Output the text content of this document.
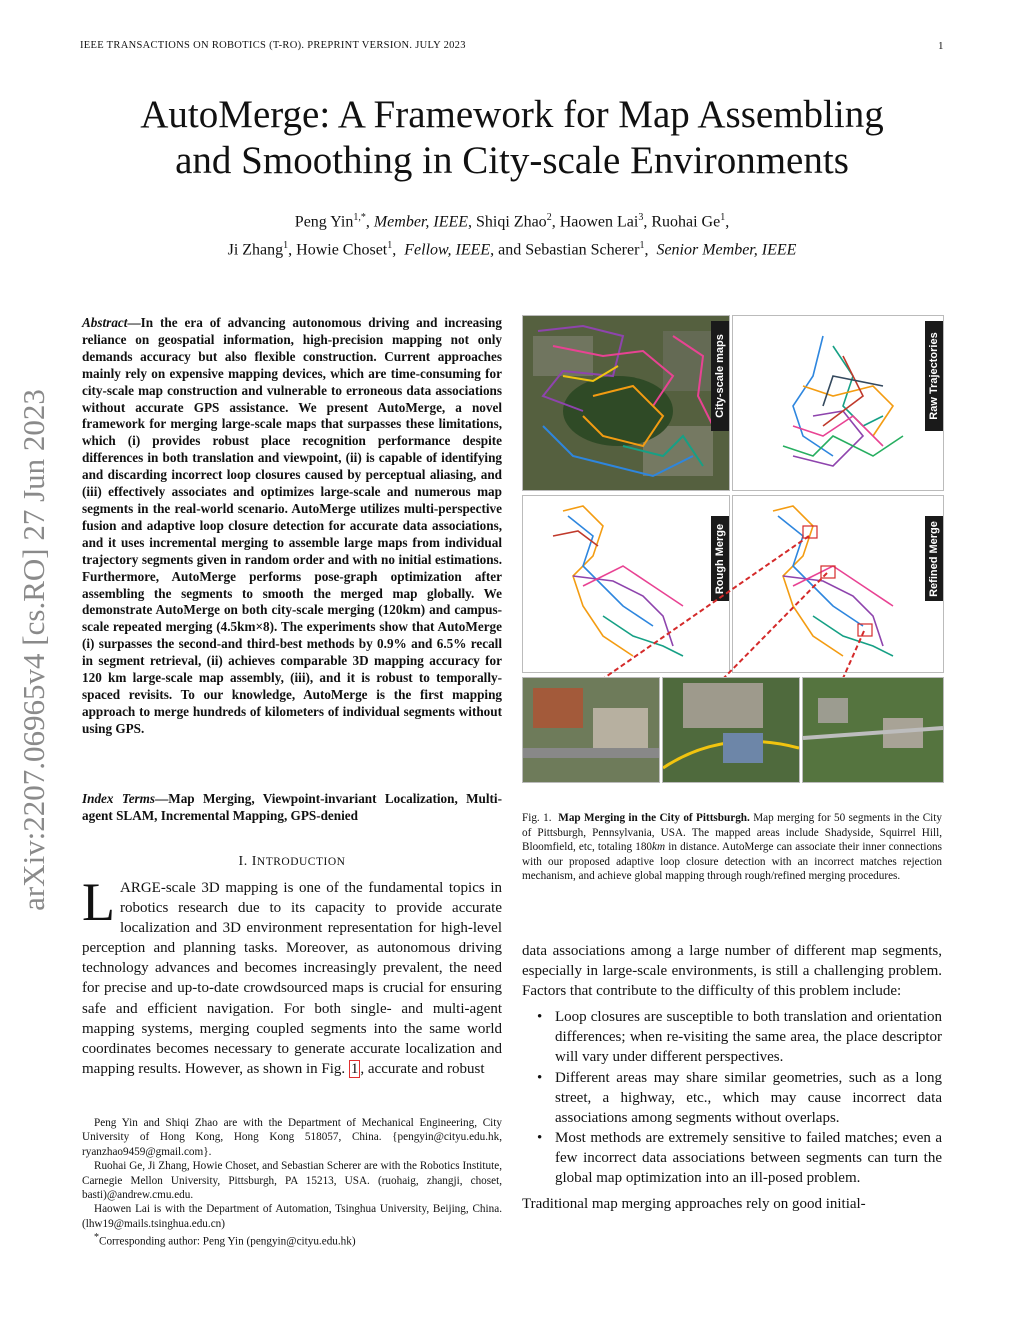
IEEE TRANSACTIONS ON ROBOTICS (T-RO). PREPRINT VERSION. JULY 2023	1
AutoMerge: A Framework for Map Assembling
and Smoothing in City-scale Environments
Peng Yin$^{1,*}$, Member, IEEE, Shiqi Zhao$^2$, Haowen Lai$^3$, Ruohai Ge$^1$,
Ji Zhang$^1$, Howie Choset$^1$,  Fellow, IEEE, and Sebastian Scherer$^1$,  Senior Member, IEEE
arXiv:2207.06965v4 [cs.RO] 27 Jun 2023
Abstract—In the era of advancing autonomous driving and increasing reliance on geospatial information, high-precision mapping not only demands accuracy but also flexible construction. Current approaches mainly rely on expensive mapping devices, which are time-consuming for city-scale map construction and vulnerable to erroneous data associations without accurate GPS assistance. We present AutoMerge, a novel framework for merging large-scale maps that surpasses these limitations, which (i) provides robust place recognition performance despite differences in both translation and viewpoint, (ii) is capable of identifying and discarding incorrect loop closures caused by perceptual aliasing, and (iii) effectively associates and optimizes large-scale and numerous map segments in the real-world scenario. AutoMerge utilizes multi-perspective fusion and adaptive loop closure detection for accurate data associations, and it uses incremental merging to assemble large maps from individual trajectory segments given in random order and with no initial estimations. Furthermore, AutoMerge performs pose-graph optimization after assembling the segments to smooth the merged map globally. We demonstrate AutoMerge on both city-scale merging (120km) and campus-scale repeated merging (4.5km×8). The experiments show that AutoMerge (i) surpasses the second-and third-best methods by 0.9% and 6.5% recall in segment retrieval, (ii) achieves comparable 3D mapping accuracy for 120 km large-scale map assembly, (iii), and it is robust to temporally-spaced revisits. To our knowledge, AutoMerge is the first mapping approach to merge hundreds of kilometers of individual segments without using GPS.
Index Terms—Map Merging, Viewpoint-invariant Localization, Multi-agent SLAM, Incremental Mapping, GPS-denied
I. INTRODUCTION
LARGE-scale 3D mapping is one of the fundamental topics in robotics research due to its capacity to provide accurate localization and 3D environment representation for high-level perception and planning tasks. Moreover, as autonomous driving technology advances and becomes increasingly prevalent, the need for precise and up-to-date crowdsourced maps is crucial for ensuring safe and efficient navigation. For both single- and multi-agent mapping systems, merging coupled segments into the same world coordinates becomes necessary to generate accurate localization and mapping results. However, as shown in Fig. 1 , accurate and robust

Peng Yin and Shiqi Zhao are with the Department of Mechanical Engineering, City University of Hong Kong, Hong Kong 518057, China. {pengyin@cityu.edu.hk, ryanzhao9459@gmail.com}.

Ruohai Ge, Ji Zhang, Howie Choset, and Sebastian Scherer are with the Robotics Institute, Carnegie Mellon University, Pittsburgh, PA 15213, USA. (ruohaig, zhangji, choset, basti)@andrew.cmu.edu.

Haowen Lai is with the Department of Automation, Tsinghua University, Beijing, China. (lhw19@mails.tsinghua.edu.cn)

*Corresponding author: Peng Yin (pengyin@cityu.edu.hk)

City-scale maps	Raw Trajectories
Rough Merge	Refined Merge
Fig. 1. Map Merging in the City of Pittsburgh. Map merging for 50 segments in the City of Pittsburgh, Pennsylvania, USA. The mapped areas include Shadyside, Squirrel Hill, Bloomfield, etc, totaling 180km in distance. AutoMerge can associate their inner connections with our proposed adaptive loop closure detection with an incorrect matches rejection mechanism, and achieve global mapping through rough/refined merging procedures.

data associations among a large number of different map segments, especially in large-scale environments, is still a challenging problem. Factors that contribute to the difficulty of this problem include:

• Loop closures are susceptible to both translation and orientation differences; when re-visiting the same area, the place descriptor will vary under different perspectives.
• Different areas may share similar geometries, such as a long street, a highway, etc., which may cause incorrect data associations among segments without overlaps.
• Most methods are extremely sensitive to failed matches; even a few incorrect data associations between segments can turn the global map optimization into an ill-posed problem.

Traditional map merging approaches rely on good initial-
